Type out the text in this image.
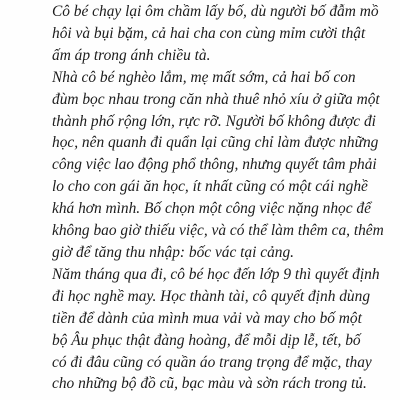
Cô bé chạy lại ôm chầm lấy bố, dù người bố đẫm mồ
hôi và bụi bặm, cả hai cha con cùng mỉm cười thật
ấm áp trong ánh chiều tà.

Nhà cô bé nghèo lắm, mẹ mất sớm, cả hai bố con
đùm bọc nhau trong căn nhà thuê nhỏ xíu ở giữa một
thành phố rộng lớn, rực rỡ. Người bố không được đi
học, nên quanh đi quẩn lại cũng chỉ làm được những
công việc lao động phổ thông, nhưng quyết tâm phải
lo cho con gái ăn học, ít nhất cũng có một cái nghề
khá hơn mình. Bố chọn một công việc nặng nhọc để
không bao giờ thiếu việc, và có thể làm thêm ca, thêm
giờ để tăng thu nhập: bốc vác tại cảng.

Năm tháng qua đi, cô bé học đến lớp 9 thì quyết định
đi học nghề may. Học thành tài, cô quyết định dùng
tiền để dành của mình mua vải và may cho bố một
bộ Âu phục thật đàng hoàng, để mỗi dịp lễ, tết, bố
có đi đâu cũng có quần áo trang trọng để mặc, thay
cho những bộ đồ cũ, bạc màu và sờn rách trong tủ.
